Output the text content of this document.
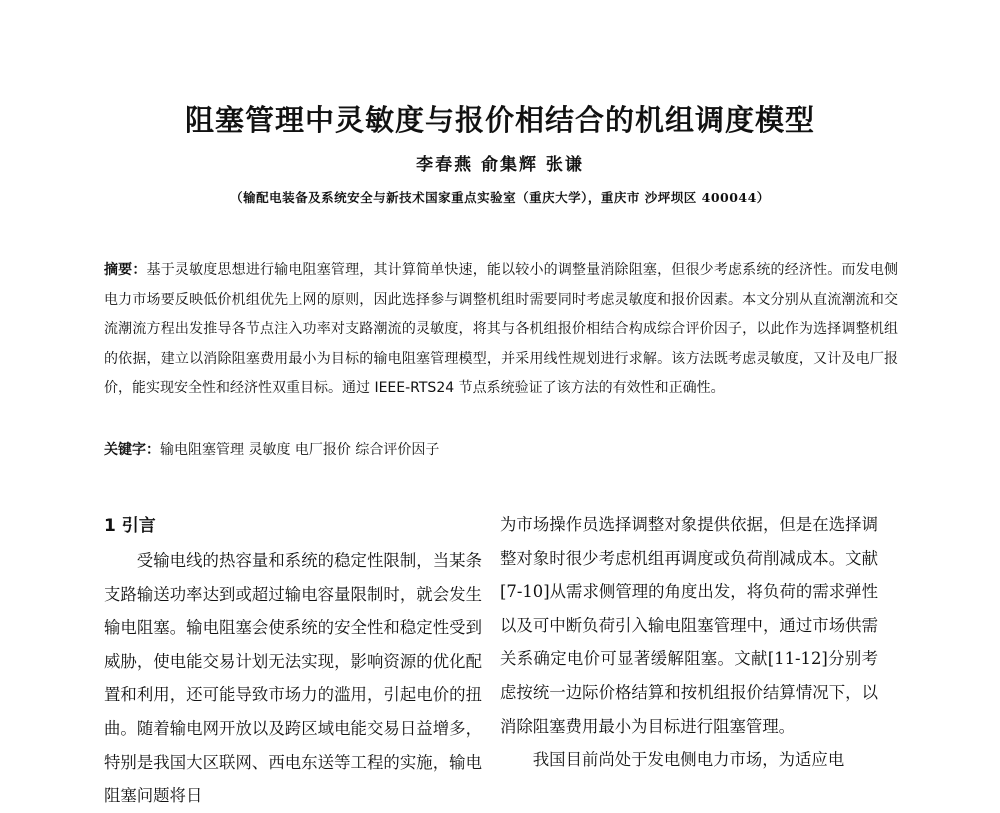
阻塞管理中灵敏度与报价相结合的机组调度模型
李春燕 俞集辉 张谦
（输配电装备及系统安全与新技术国家重点实验室（重庆大学），重庆市 沙坪坝区 400044）
摘要：基于灵敏度思想进行输电阻塞管理，其计算简单快速，能以较小的调整量消除阻塞，但很少考虑系统的经济性。而发电侧电力市场要反映低价机组优先上网的原则，因此选择参与调整机组时需要同时考虑灵敏度和报价因素。本文分别从直流潮流和交流潮流方程出发推导各节点注入功率对支路潮流的灵敏度，将其与各机组报价相结合构成综合评价因子，以此作为选择调整机组的依据，建立以消除阻塞费用最小为目标的输电阻塞管理模型，并采用线性规划进行求解。该方法既考虑灵敏度，又计及电厂报价，能实现安全性和经济性双重目标。通过 IEEE-RTS24 节点系统验证了该方法的有效性和正确性。
关键字：输电阻塞管理 灵敏度 电厂报价 综合评价因子

1 引言

受输电线的热容量和系统的稳定性限制，当某条支路输送功率达到或超过输电容量限制时，就会发生输电阻塞。输电阻塞会使系统的安全性和稳定性受到威胁，使电能交易计划无法实现，影响资源的优化配置和利用，还可能导致市场力的滥用，引起电价的扭曲。随着输电网开放以及跨区域电能交易日益增多，特别是我国大区联网、西电东送等工程的实施，输电阻塞问题将日

为市场操作员选择调整对象提供依据，但是在选择调整对象时很少考虑机组再调度或负荷削减成本。文献[7-10]从需求侧管理的角度出发，将负荷的需求弹性以及可中断负荷引入输电阻塞管理中，通过市场供需关系确定电价可显著缓解阻塞。文献[11-12]分别考虑按统一边际价格结算和按机组报价结算情况下，以消除阻塞费用最小为目标进行阻塞管理。

我国目前尚处于发电侧电力市场，为适应电
